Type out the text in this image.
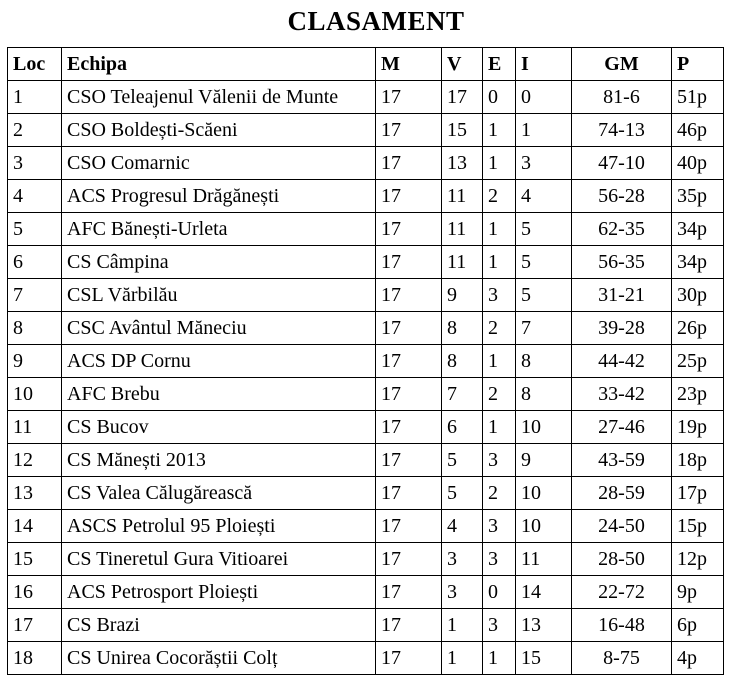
CLASAMENT
Loc	Echipa	M	V	E	I	GM	P
1	CSO Teleajenul Vălenii de Munte	17	17	0	0	81-6	51p
2	CSO Boldești-Scăeni	17	15	1	1	74-13	46p
3	CSO Comarnic	17	13	1	3	47-10	40p
4	ACS Progresul Drăgănești	17	11	2	4	56-28	35p
5	AFC Bănești-Urleta	17	11	1	5	62-35	34p
6	CS Câmpina	17	11	1	5	56-35	34p
7	CSL Vărbilău	17	9	3	5	31-21	30p
8	CSC Avântul Măneciu	17	8	2	7	39-28	26p
9	ACS DP Cornu	17	8	1	8	44-42	25p
10	AFC Brebu	17	7	2	8	33-42	23p
11	CS Bucov	17	6	1	10	27-46	19p
12	CS Mănești 2013	17	5	3	9	43-59	18p
13	CS Valea Călugărească	17	5	2	10	28-59	17p
14	ASCS Petrolul 95 Ploiești	17	4	3	10	24-50	15p
15	CS Tineretul Gura Vitioarei	17	3	3	11	28-50	12p
16	ACS Petrosport Ploiești	17	3	0	14	22-72	9p
17	CS Brazi	17	1	3	13	16-48	6p
18	CS Unirea Cocorăștii Colț	17	1	1	15	8-75	4p
